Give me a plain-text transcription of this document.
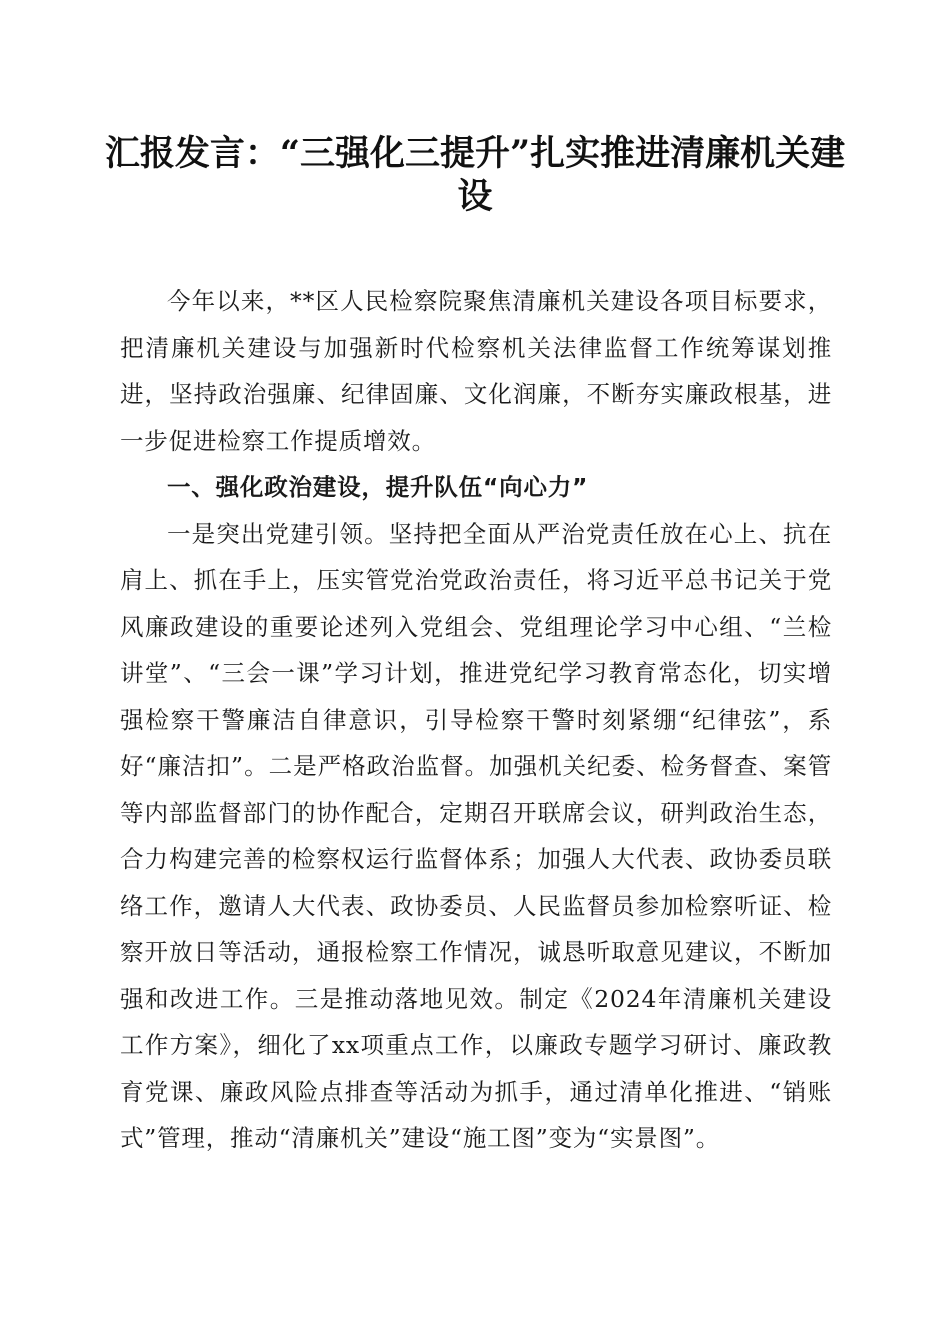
汇报发言：“三强化三提升”扎实推进清廉机关建设

今年以来，**区人民检察院聚焦清廉机关建设各项目标要求，把清廉机关建设与加强新时代检察机关法律监督工作统筹谋划推进，坚持政治强廉、纪律固廉、文化润廉，不断夯实廉政根基，进一步促进检察工作提质增效。

一、强化政治建设，提升队伍“向心力”

一是突出党建引领。坚持把全面从严治党责任放在心上、抗在肩上、抓在手上，压实管党治党政治责任，将习近平总书记关于党风廉政建设的重要论述列入党组会、党组理论学习中心组、“兰检讲堂”、“三会一课”学习计划，推进党纪学习教育常态化，切实增强检察干警廉洁自律意识，引导检察干警时刻紧绷“纪律弦”，系好“廉洁扣”。二是严格政治监督。加强机关纪委、检务督查、案管等内部监督部门的协作配合，定期召开联席会议，研判政治生态，合力构建完善的检察权运行监督体系；加强人大代表、政协委员联络工作，邀请人大代表、政协委员、人民监督员参加检察听证、检察开放日等活动，通报检察工作情况，诚恳听取意见建议，不断加强和改进工作。三是推动落地见效。制定《2024年清廉机关建设工作方案》，细化了xx项重点工作，以廉政专题学习研讨、廉政教育党课、廉政风险点排查等活动为抓手，通过清单化推进、“销账式”管理，推动“清廉机关”建设“施工图”变为“实景图”。
